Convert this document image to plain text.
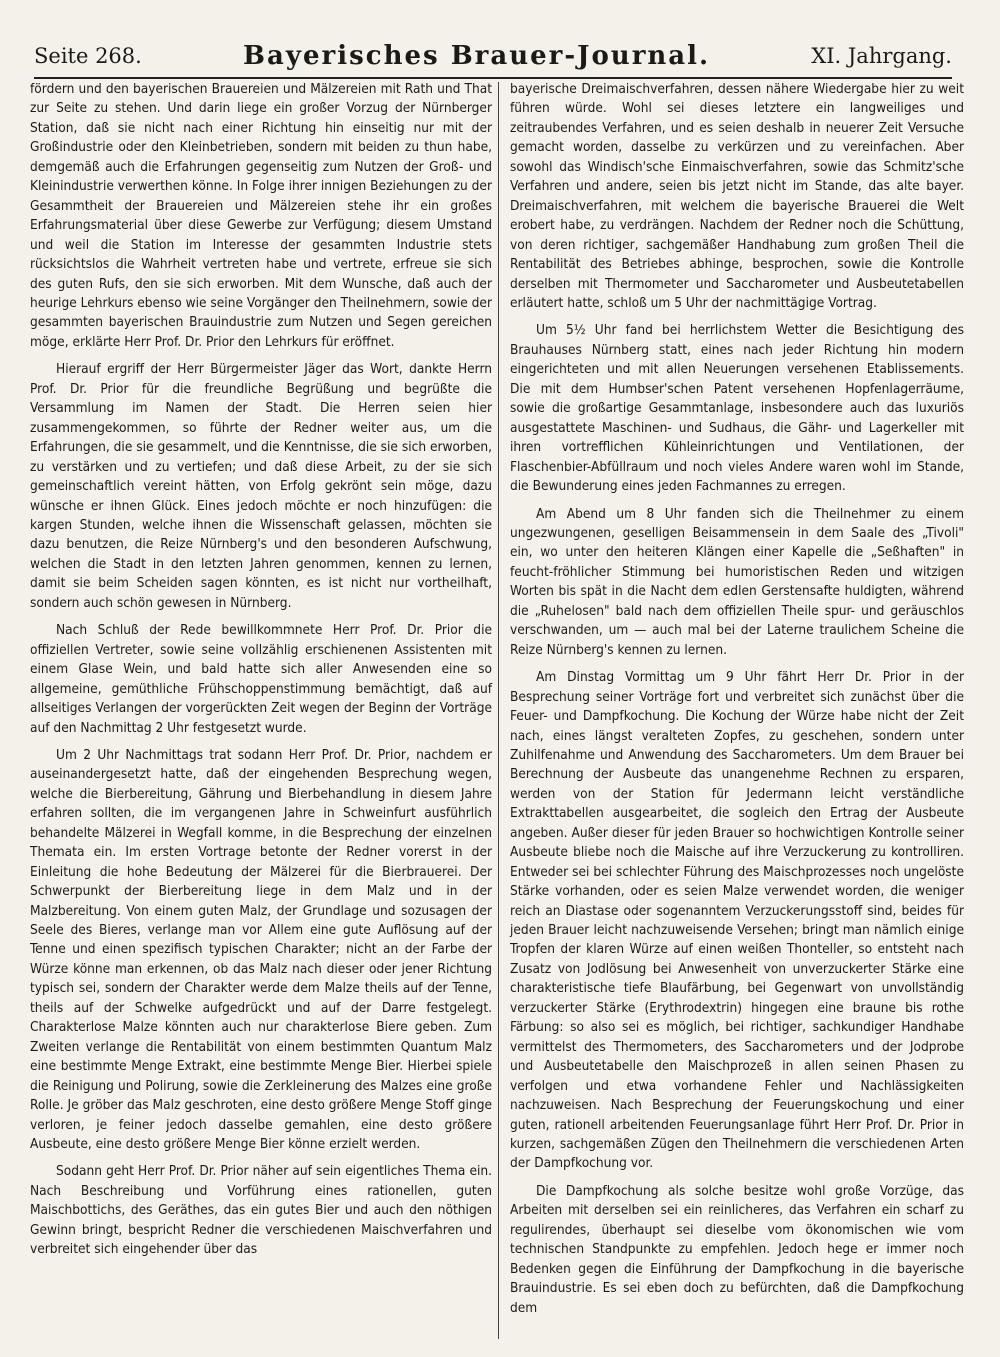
Seite 268.	Bayerisches Brauer-Journal.	XI. Jahrgang.

fördern und den bayerischen Brauereien und Mälzereien mit Rath und That zur Seite zu stehen. Und darin liege ein großer Vorzug der Nürnberger Station, daß sie nicht nach einer Richtung hin einseitig nur mit der Großindustrie oder den Kleinbetrieben, sondern mit beiden zu thun habe, demgemäß auch die Erfahrungen gegenseitig zum Nutzen der Groß- und Kleinindustrie verwerthen könne. In Folge ihrer innigen Beziehungen zu der Gesammtheit der Brauereien und Mälzereien stehe ihr ein großes Erfahrungsmaterial über diese Gewerbe zur Verfügung; diesem Umstand und weil die Station im Interesse der gesammten Industrie stets rücksichtslos die Wahrheit vertreten habe und vertrete, erfreue sie sich des guten Rufs, den sie sich erworben. Mit dem Wunsche, daß auch der heurige Lehrkurs ebenso wie seine Vorgänger den Theilnehmern, sowie der gesammten bayerischen Brauindustrie zum Nutzen und Segen gereichen möge, erklärte Herr Prof. Dr. Prior den Lehrkurs für eröffnet.

Hierauf ergriff der Herr Bürgermeister Jäger das Wort, dankte Herrn Prof. Dr. Prior für die freundliche Begrüßung und begrüßte die Versammlung im Namen der Stadt. Die Herren seien hier zusammengekommen, so führte der Redner weiter aus, um die Erfahrungen, die sie gesammelt, und die Kenntnisse, die sie sich erworben, zu verstärken und zu vertiefen; und daß diese Arbeit, zu der sie sich gemeinschaftlich vereint hätten, von Erfolg gekrönt sein möge, dazu wünsche er ihnen Glück. Eines jedoch möchte er noch hinzufügen: die kargen Stunden, welche ihnen die Wissenschaft gelassen, möchten sie dazu benutzen, die Reize Nürnberg's und den besonderen Aufschwung, welchen die Stadt in den letzten Jahren genommen, kennen zu lernen, damit sie beim Scheiden sagen könnten, es ist nicht nur vortheilhaft, sondern auch schön gewesen in Nürnberg.

Nach Schluß der Rede bewillkommnete Herr Prof. Dr. Prior die offiziellen Vertreter, sowie seine vollzählig erschienenen Assistenten mit einem Glase Wein, und bald hatte sich aller Anwesenden eine so allgemeine, gemüthliche Frühschoppenstimmung bemächtigt, daß auf allseitiges Verlangen der vorgerückten Zeit wegen der Beginn der Vorträge auf den Nachmittag 2 Uhr festgesetzt wurde.

Um 2 Uhr Nachmittags trat sodann Herr Prof. Dr. Prior, nachdem er auseinandergesetzt hatte, daß der eingehenden Besprechung wegen, welche die Bierbereitung, Gährung und Bierbehandlung in diesem Jahre erfahren sollten, die im vergangenen Jahre in Schweinfurt ausführlich behandelte Mälzerei in Wegfall komme, in die Besprechung der einzelnen Themata ein. Im ersten Vortrage betonte der Redner vorerst in der Einleitung die hohe Bedeutung der Mälzerei für die Bierbrauerei. Der Schwerpunkt der Bierbereitung liege in dem Malz und in der Malzbereitung. Von einem guten Malz, der Grundlage und sozusagen der Seele des Bieres, verlange man vor Allem eine gute Auflösung auf der Tenne und einen spezifisch typischen Charakter; nicht an der Farbe der Würze könne man erkennen, ob das Malz nach dieser oder jener Richtung typisch sei, sondern der Charakter werde dem Malze theils auf der Tenne, theils auf der Schwelke aufgedrückt und auf der Darre festgelegt. Charakterlose Malze könnten auch nur charakterlose Biere geben. Zum Zweiten verlange die Rentabilität von einem bestimmten Quantum Malz eine bestimmte Menge Extrakt, eine bestimmte Menge Bier. Hierbei spiele die Reinigung und Polirung, sowie die Zerkleinerung des Malzes eine große Rolle. Je gröber das Malz geschroten, eine desto größere Menge Stoff ginge verloren, je feiner jedoch dasselbe gemahlen, eine desto größere Ausbeute, eine desto größere Menge Bier könne erzielt werden.

Sodann geht Herr Prof. Dr. Prior näher auf sein eigentliches Thema ein. Nach Beschreibung und Vorführung eines rationellen, guten Maischbottichs, des Geräthes, das ein gutes Bier und auch den nöthigen Gewinn bringt, bespricht Redner die verschiedenen Maischverfahren und verbreitet sich eingehender über das

bayerische Dreimaischverfahren, dessen nähere Wiedergabe hier zu weit führen würde. Wohl sei dieses letztere ein langweiliges und zeitraubendes Verfahren, und es seien deshalb in neuerer Zeit Versuche gemacht worden, dasselbe zu verkürzen und zu vereinfachen. Aber sowohl das Windisch'sche Einmaischverfahren, sowie das Schmitz'sche Verfahren und andere, seien bis jetzt nicht im Stande, das alte bayer. Dreimaischverfahren, mit welchem die bayerische Brauerei die Welt erobert habe, zu verdrängen. Nachdem der Redner noch die Schüttung, von deren richtiger, sachgemäßer Handhabung zum großen Theil die Rentabilität des Betriebes abhinge, besprochen, sowie die Kontrolle derselben mit Thermometer und Saccharometer und Ausbeutetabellen erläutert hatte, schloß um 5 Uhr der nachmittägige Vortrag.

Um 5½ Uhr fand bei herrlichstem Wetter die Besichtigung des Brauhauses Nürnberg statt, eines nach jeder Richtung hin modern eingerichteten und mit allen Neuerungen versehenen Etablissements. Die mit dem Humbser'schen Patent versehenen Hopfenlagerräume, sowie die großartige Gesammtanlage, insbesondere auch das luxuriös ausgestattete Maschinen- und Sudhaus, die Gähr- und Lagerkeller mit ihren vortrefflichen Kühleinrichtungen und Ventilationen, der Flaschenbier-Abfüllraum und noch vieles Andere waren wohl im Stande, die Bewunderung eines jeden Fachmannes zu erregen.

Am Abend um 8 Uhr fanden sich die Theilnehmer zu einem ungezwungenen, geselligen Beisammensein in dem Saale des „Tivoli" ein, wo unter den heiteren Klängen einer Kapelle die „Seßhaften" in feucht-fröhlicher Stimmung bei humoristischen Reden und witzigen Worten bis spät in die Nacht dem edlen Gerstensafte huldigten, während die „Ruhelosen" bald nach dem offiziellen Theile spur- und geräuschlos verschwanden, um — auch mal bei der Laterne traulichem Scheine die Reize Nürnberg's kennen zu lernen.

Am Dinstag Vormittag um 9 Uhr fährt Herr Dr. Prior in der Besprechung seiner Vorträge fort und verbreitet sich zunächst über die Feuer- und Dampfkochung. Die Kochung der Würze habe nicht der Zeit nach, eines längst veralteten Zopfes, zu geschehen, sondern unter Zuhilfenahme und Anwendung des Saccharometers. Um dem Brauer bei Berechnung der Ausbeute das unangenehme Rechnen zu ersparen, werden von der Station für Jedermann leicht verständliche Extrakttabellen ausgearbeitet, die sogleich den Ertrag der Ausbeute angeben. Außer dieser für jeden Brauer so hochwichtigen Kontrolle seiner Ausbeute bliebe noch die Maische auf ihre Verzuckerung zu kontrolliren. Entweder sei bei schlechter Führung des Maischprozesses noch ungelöste Stärke vorhanden, oder es seien Malze verwendet worden, die weniger reich an Diastase oder sogenanntem Verzuckerungsstoff sind, beides für jeden Brauer leicht nachzuweisende Versehen; bringt man nämlich einige Tropfen der klaren Würze auf einen weißen Thonteller, so entsteht nach Zusatz von Jodlösung bei Anwesenheit von unverzuckerter Stärke eine charakteristische tiefe Blaufärbung, bei Gegenwart von unvollständig verzuckerter Stärke (Erythrodextrin) hingegen eine braune bis rothe Färbung: so also sei es möglich, bei richtiger, sachkundiger Handhabe vermittelst des Thermometers, des Saccharometers und der Jodprobe und Ausbeutetabelle den Maischprozeß in allen seinen Phasen zu verfolgen und etwa vorhandene Fehler und Nachlässigkeiten nachzuweisen. Nach Besprechung der Feuerungskochung und einer guten, rationell arbeitenden Feuerungsanlage führt Herr Prof. Dr. Prior in kurzen, sachgemäßen Zügen den Theilnehmern die verschiedenen Arten der Dampfkochung vor.

Die Dampfkochung als solche besitze wohl große Vorzüge, das Arbeiten mit derselben sei ein reinlicheres, das Verfahren ein scharf zu regulirendes, überhaupt sei dieselbe vom ökonomischen wie vom technischen Standpunkte zu empfehlen. Jedoch hege er immer noch Bedenken gegen die Einführung der Dampfkochung in die bayerische Brauindustrie. Es sei eben doch zu befürchten, daß die Dampfkochung dem
